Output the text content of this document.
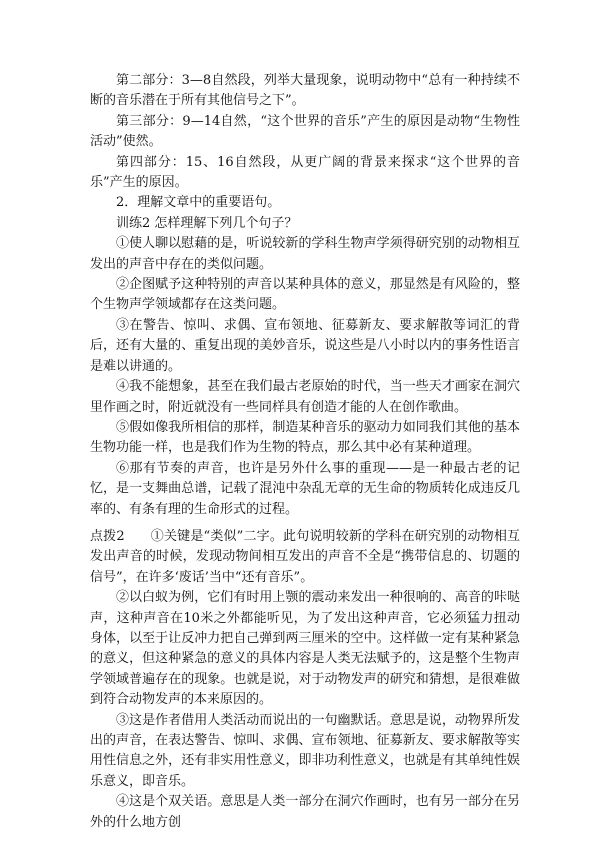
第二部分：3—8自然段，列举大量现象，说明动物中“总有一种持续不断的音乐潜在于所有其他信号之下”。

第三部分：9—14自然，“这个世界的音乐”产生的原因是动物“生物性活动”使然。

第四部分：15、16自然段，从更广阔的背景来探求“这个世界的音乐”产生的原因。

2．理解文章中的重要语句。

训练2 怎样理解下列几个句子？

①使人聊以慰藉的是，听说较新的学科生物声学须得研究别的动物相互发出的声音中存在的类似问题。

②企图赋予这种特别的声音以某种具体的意义，那显然是有风险的，整个生物声学领域都存在这类问题。

③在警告、惊叫、求偶、宣布领地、征募新友、要求解散等词汇的背后，还有大量的、重复出现的美妙音乐，说这些是八小时以内的事务性语言是难以讲通的。

④我不能想象，甚至在我们最古老原始的时代，当一些天才画家在洞穴里作画之时，附近就没有一些同样具有创造才能的人在创作歌曲。

⑤假如像我所相信的那样，制造某种音乐的驱动力如同我们其他的基本生物功能一样，也是我们作为生物的特点，那么其中必有某种道理。

⑥那有节奏的声音，也许是另外什么事的重现——是一种最古老的记忆，是一支舞曲总谱，记载了混沌中杂乱无章的无生命的物质转化成违反几率的、有条有理的生命形式的过程。

点拨2 ①关键是“类似”二字。此句说明较新的学科在研究别的动物相互发出声音的时候，发现动物间相互发出的声音不全是“携带信息的、切题的信号”，在许多‘废话’当中“还有音乐”。

②以白蚁为例，它们有时用上颚的震动来发出一种很响的、高音的咔哒声，这种声音在10米之外都能听见，为了发出这种声音，它必须猛力扭动身体，以至于让反冲力把自己弹到两三厘米的空中。这样做一定有某种紧急的意义，但这种紧急的意义的具体内容是人类无法赋予的，这是整个生物声学领域普遍存在的现象。也就是说，对于动物发声的研究和猜想，是很难做到符合动物发声的本来原因的。

③这是作者借用人类活动而说出的一句幽默话。意思是说，动物界所发出的声音，在表达警告、惊叫、求偶、宣布领地、征募新友、要求解散等实用性信息之外，还有非实用性意义，即非功利性意义，也就是有其单纯性娱乐意义，即音乐。

④这是个双关语。意思是人类一部分在洞穴作画时，也有另一部分在另外的什么地方创
